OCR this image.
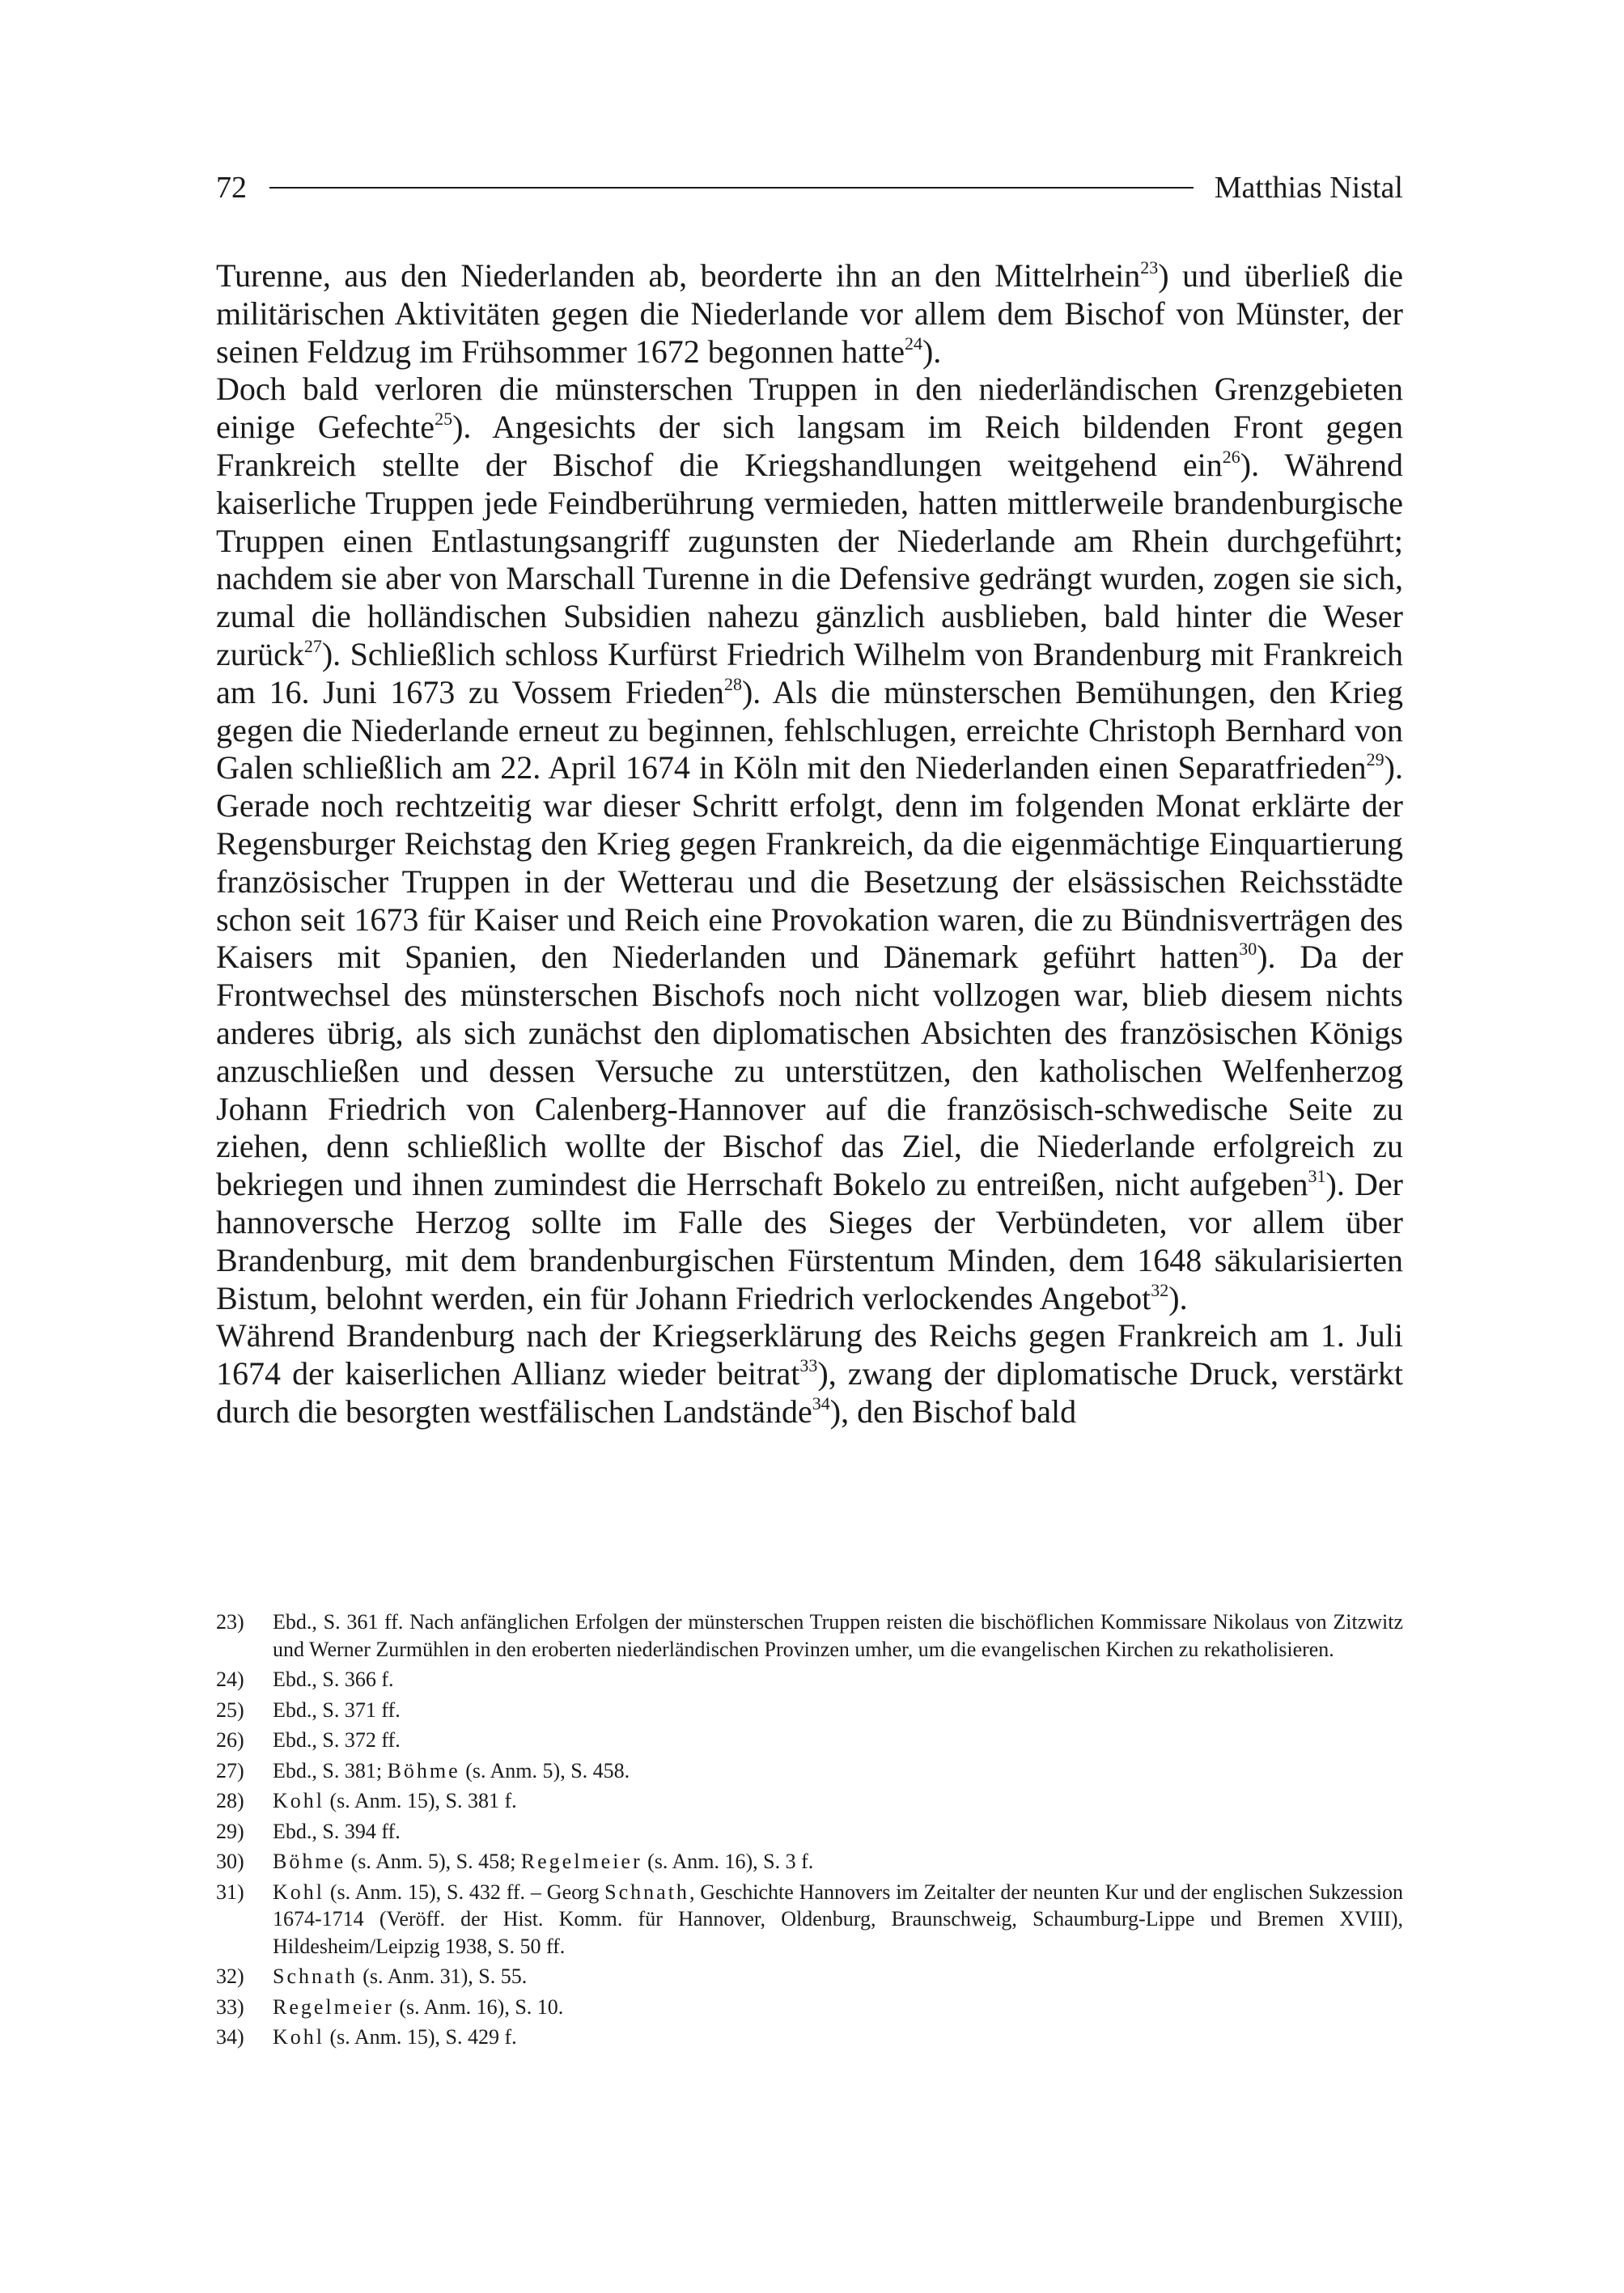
72	Matthias Nistal

Turenne, aus den Niederlanden ab, beorderte ihn an den Mittelrhein$^{23}$) und überließ die militärischen Aktivitäten gegen die Niederlande vor allem dem Bischof von Münster, der seinen Feldzug im Frühsommer 1672 begonnen hatte$^{24}$).

Doch bald verloren die münsterschen Truppen in den niederländischen Grenzgebieten einige Gefechte$^{25}$). Angesichts der sich langsam im Reich bildenden Front gegen Frankreich stellte der Bischof die Kriegshandlungen weitgehend ein$^{26}$). Während kaiserliche Truppen jede Feindberührung vermieden, hatten mittlerweile brandenburgische Truppen einen Entlastungsangriff zugunsten der Niederlande am Rhein durchgeführt; nachdem sie aber von Marschall Turenne in die Defensive gedrängt wurden, zogen sie sich, zumal die holländischen Subsidien nahezu gänzlich ausblieben, bald hinter die Weser zurück$^{27}$). Schließlich schloss Kurfürst Friedrich Wilhelm von Brandenburg mit Frankreich am 16. Juni 1673 zu Vossem Frieden$^{28}$). Als die münsterschen Bemühungen, den Krieg gegen die Niederlande erneut zu beginnen, fehlschlugen, erreichte Christoph Bernhard von Galen schließlich am 22. April 1674 in Köln mit den Niederlanden einen Separatfrieden$^{29}$). Gerade noch rechtzeitig war dieser Schritt erfolgt, denn im folgenden Monat erklärte der Regensburger Reichstag den Krieg gegen Frankreich, da die eigenmächtige Einquartierung französischer Truppen in der Wetterau und die Besetzung der elsässischen Reichsstädte schon seit 1673 für Kaiser und Reich eine Provokation waren, die zu Bündnisverträgen des Kaisers mit Spanien, den Niederlanden und Dänemark geführt hatten$^{30}$). Da der Frontwechsel des münsterschen Bischofs noch nicht vollzogen war, blieb diesem nichts anderes übrig, als sich zunächst den diplomatischen Absichten des französischen Königs anzuschließen und dessen Versuche zu unterstützen, den katholischen Welfenherzog Johann Friedrich von Calenberg-Hannover auf die französisch-schwedische Seite zu ziehen, denn schließlich wollte der Bischof das Ziel, die Niederlande erfolgreich zu bekriegen und ihnen zumindest die Herrschaft Bokelo zu entreißen, nicht aufgeben$^{31}$). Der hannoversche Herzog sollte im Falle des Sieges der Verbündeten, vor allem über Brandenburg, mit dem brandenburgischen Fürstentum Minden, dem 1648 säkularisierten Bistum, belohnt werden, ein für Johann Friedrich verlockendes Angebot$^{32}$).

Während Brandenburg nach der Kriegserklärung des Reichs gegen Frankreich am 1. Juli 1674 der kaiserlichen Allianz wieder beitrat$^{33}$), zwang der diplomatische Druck, verstärkt durch die besorgten westfälischen Landstände$^{34}$), den Bischof bald

23)	Ebd., S. 361 ff. Nach anfänglichen Erfolgen der münsterschen Truppen reisten die bischöflichen Kommissare Nikolaus von Zitzwitz und Werner Zurmühlen in den eroberten niederländischen Provinzen umher, um die evangelischen Kirchen zu rekatholisieren.
24)	Ebd., S. 366 f.
25)	Ebd., S. 371 ff.
26)	Ebd., S. 372 ff.
27)	Ebd., S. 381; Böhme (s. Anm. 5), S. 458.
28)	Kohl (s. Anm. 15), S. 381 f.
29)	Ebd., S. 394 ff.
30)	Böhme (s. Anm. 5), S. 458; Regelmeier (s. Anm. 16), S. 3 f.
31)	Kohl (s. Anm. 15), S. 432 ff. – Georg Schnath, Geschichte Hannovers im Zeitalter der neunten Kur und der englischen Sukzession 1674-1714 (Veröff. der Hist. Komm. für Hannover, Oldenburg, Braunschweig, Schaumburg-Lippe und Bremen XVIII), Hildesheim/Leipzig 1938, S. 50 ff.
32)	Schnath (s. Anm. 31), S. 55.
33)	Regelmeier (s. Anm. 16), S. 10.
34)	Kohl (s. Anm. 15), S. 429 f.
